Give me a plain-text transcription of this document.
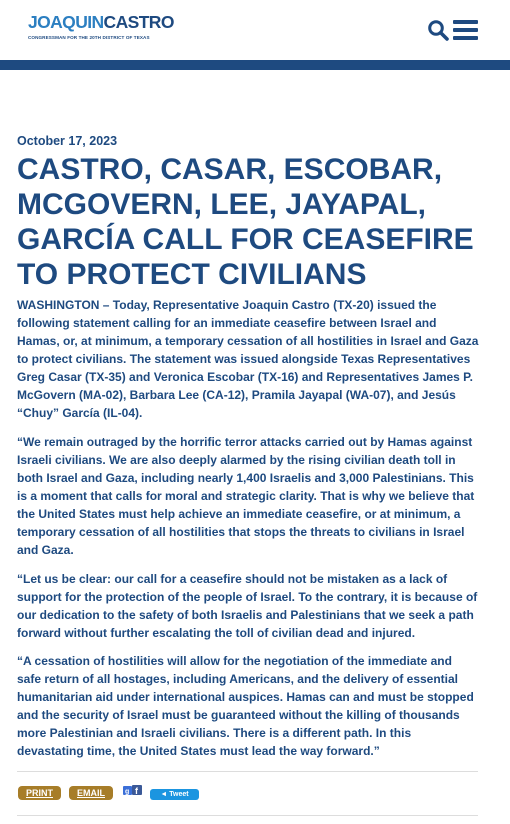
JOAQUINCASTRO
CONGRESSMAN FOR THE 20TH DISTRICT OF TEXAS
October 17, 2023
CASTRO, CASAR, ESCOBAR, MCGOVERN, LEE, JAYAPAL, GARCÍA CALL FOR CEASEFIRE TO PROTECT CIVILIANS

WASHINGTON – Today, Representative Joaquin Castro (TX-20) issued the following statement calling for an immediate ceasefire between Israel and Hamas, or, at minimum, a temporary cessation of all hostilities in Israel and Gaza to protect civilians. The statement was issued alongside Texas Representatives Greg Casar (TX-35) and Veronica Escobar (TX-16) and Representatives James P. McGovern (MA-02), Barbara Lee (CA-12), Pramila Jayapal (WA-07), and Jesús “Chuy” García (IL-04).

“We remain outraged by the horrific terror attacks carried out by Hamas against Israeli civilians. We are also deeply alarmed by the rising civilian death toll in both Israel and Gaza, including nearly 1,400 Israelis and 3,000 Palestinians. This is a moment that calls for moral and strategic clarity. That is why we believe that the United States must help achieve an immediate ceasefire, or at minimum, a temporary cessation of all hostilities that stops the threats to civilians in Israel and Gaza.

“Let us be clear: our call for a ceasefire should not be mistaken as a lack of support for the protection of the people of Israel. To the contrary, it is because of our dedication to the safety of both Israelis and Palestinians that we seek a path forward without further escalating the toll of civilian dead and injured.

“A cessation of hostilities will allow for the negotiation of the immediate and safe return of all hostages, including Americans, and the delivery of essential humanitarian aid under international auspices. Hamas can and must be stopped and the security of Israel must be guaranteed without the killing of thousands more Palestinian and Israeli civilians. There is a different path. In this devastating time, the United States must lead the way forward.”

PRINT	EMAIL	g f	◄ Tweet
